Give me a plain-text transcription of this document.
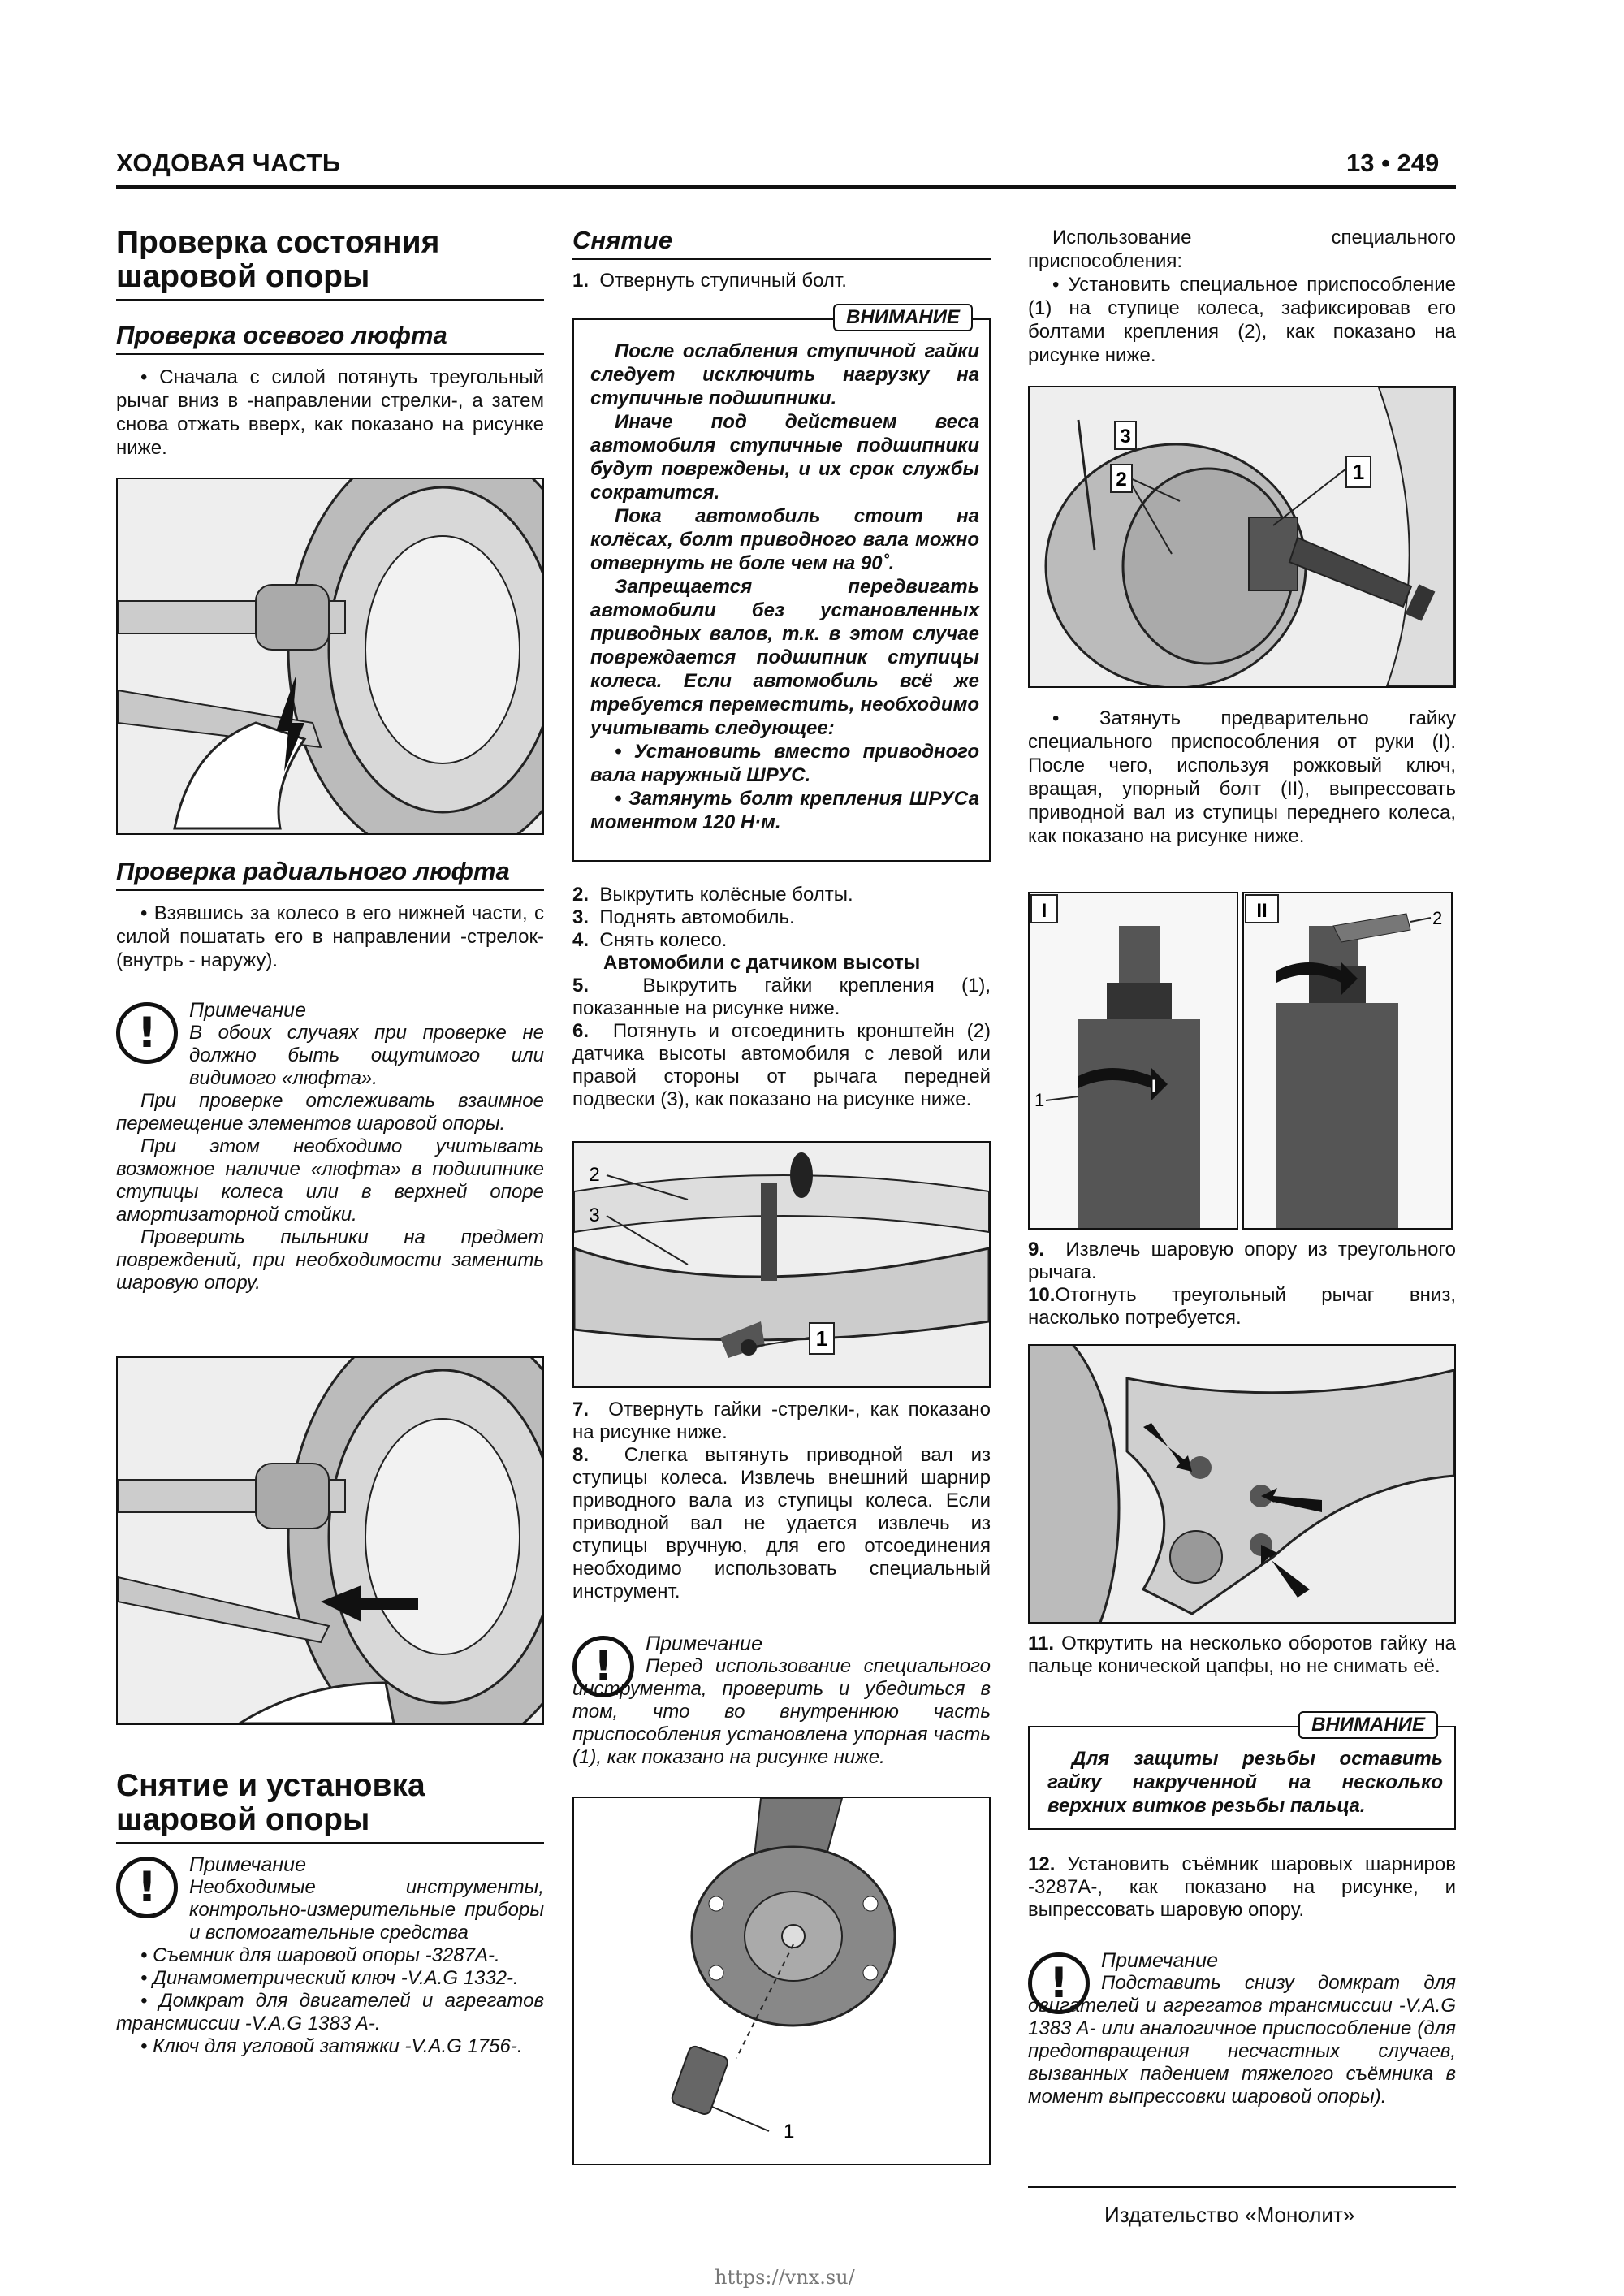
ХОДОВАЯ ЧАСТЬ	13 • 249

Проверка состояния

шаровой опоры

Проверка осевого люфта

• Сначала с силой потянуть треугольный рычаг вниз в -направлении стрелки-, а затем снова отжать вверх, как показано на рисунке ниже.

Проверка радиального люфта

• Взявшись за колесо в его нижней части, с силой пошатать его в направлении -стрелок- (внутрь - наружу).

!	Примечание

В обоих случаях при проверке не должно быть ощутимого или видимого «люфта».

При проверке отслеживать взаимное перемещение элементов шаровой опоры.

При этом необходимо учитывать возможное наличие «люфта» в подшипнике ступицы колеса или в верхней опоре амортизаторной стойки.

Проверить пыльники на предмет повреждений, при необходимости заменить шаровую опору.

Снятие и установка

шаровой опоры

!	Примечание

Необходимые инструменты, контрольно-измерительные приборы и вспомогательные средства

• Съемник для шаровой опоры -3287A-.

• Динамометрический ключ -V.A.G 1332-.

• Домкрат для двигателей и агрегатов трансмиссии -V.A.G 1383 A-.

• Ключ для угловой затяжки -V.A.G 1756-.

Снятие

1. Отвернуть ступичный болт.

ВНИМАНИЕ

После ослабления ступичной гайки следует исключить нагрузку на ступичные подшипники.

Иначе под действием веса автомобиля ступичные подшипники будут повреждены, и их срок службы сократится.

Пока автомобиль стоит на колёсах, болт приводного вала можно отвернуть не боле чем на 90˚.

Запрещается передвигать автомобили без установленных приводных валов, т.к. в этом случае повреждается подшипник ступицы колеса. Если автомобиль всё же требуется переместить, необходимо учитывать следующее:

• Установить вместо приводного вала наружный ШРУС.

• Затянуть болт крепления ШРУСа моментом 120 Н·м.

2. Выкрутить колёсные болты.

3. Поднять автомобиль.

4. Снять колесо.

Автомобили с датчиком высоты

5.	Выкрутить гайки крепления (1), показанные на рисунке ниже.

6. Потянуть и отсоединить кронштейн (2) датчика высоты автомобиля с левой или правой стороны от рычага передней подвески (3), как показано на рисунке ниже.

1
2
3

7. Отвернуть гайки -стрелки-, как показано на рисунке ниже.

8. Слегка вытянуть приводной вал из ступицы колеса. Извлечь внешний шарнир приводного вала из ступицы колеса. Если приводной вал не удается извлечь из ступицы вручную, для его отсоединения необходимо использовать специальный инструмент.

!	Примечание

Перед использование специального инструмента, проверить и убедиться в том, что во внутреннюю часть приспособления установлена упорная часть (1), как показано на рисунке ниже.

1

Использование специального приспособления:

• Установить специальное приспособление (1) на ступице колеса, зафиксировав его болтами крепления (2), как показано на рисунке ниже.

2
3
1

• Затянуть предварительно гайку специального приспособления от руки (I). После чего, используя рожковый ключ, вращая, упорный болт (II), выпрессовать приводной вал из ступицы переднего колеса, как показано на рисунке ниже.

I
I
1
II	2

9. Извлечь шаровую опору из треугольного рычага.

10.Отогнуть треугольный рычаг вниз, насколько потребуется.

11. Открутить на несколько оборотов гайку на пальце конической цапфы, но не снимать её.

ВНИМАНИЕ

Для защиты резьбы оставить гайку накрученной на несколько верхних витков резьбы пальца.

12. Установить съёмник шаровых шарниров -3287A-, как показано на рисунке, и выпрессовать шаровую опору.

!	Примечание

Подставить снизу домкрат для двигателей и агрегатов трансмиссии -V.A.G 1383 A- или аналогичное приспособление (для предотвращения несчастных случаев, вызванных падением тяжелого съёмника в момент выпрессовки шаровой опоры).

Издательство «Монолит»
https://vnx.su/
